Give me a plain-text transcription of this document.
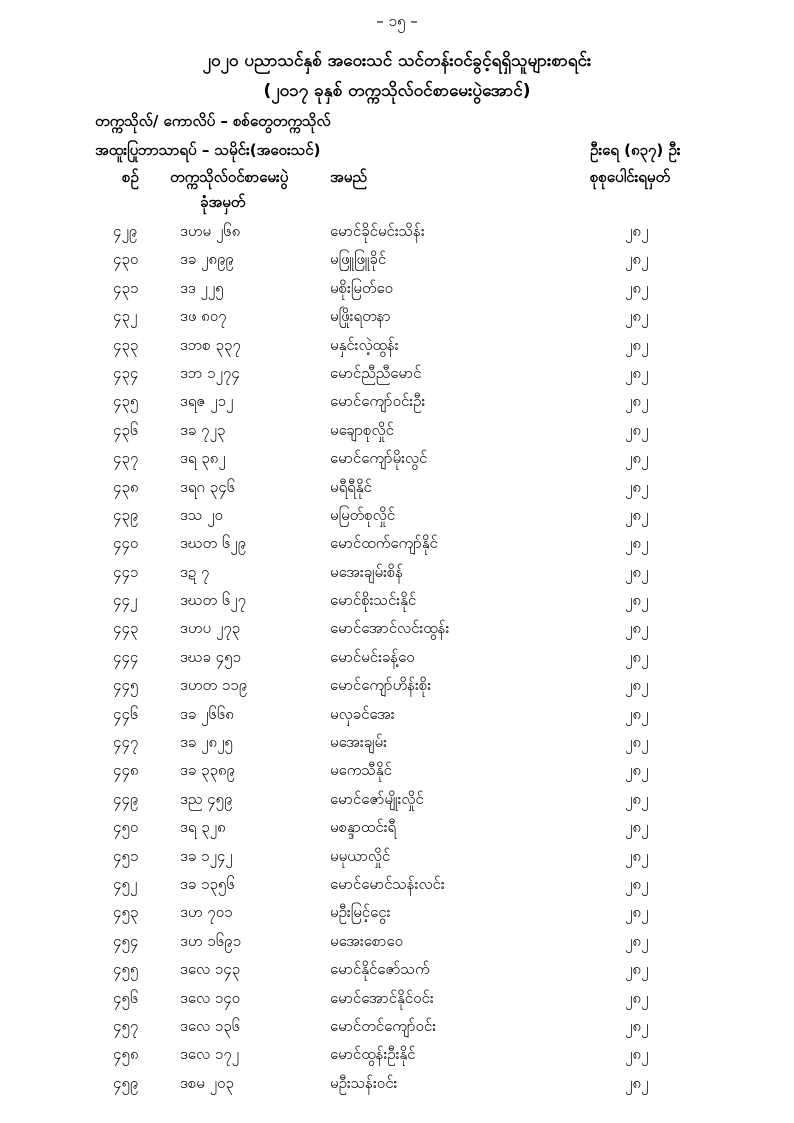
– ၁၅ –
၂၀၂၀ ပညာသင်နှစ် အဝေးသင် သင်တန်းဝင်ခွင့်ရရှိသူများစာရင်း
(၂၀၁၇ ခုနှစ် တက္ကသိုလ်ဝင်စာမေးပွဲအောင်)
တက္ကသိုလ်/ ကောလိပ် – စစ်တွေတက္ကသိုလ်
အထူးပြုဘာသာရပ် – သမိုင်း(အဝေးသင်)	ဦးရေ (၈၃၇) ဦး
စဉ် တက္ကသိုလ်ဝင်စာမေးပွဲ
ခုံအမှတ်
အမည်	စုစုပေါင်းရမှတ်
၄၂၉	ဒဟမ ၂၆၈	မောင်ခိုင်မင်းသိန်း	၂၈၂
၄၃၀	ဒခ ၂၈၉၉	မဖြူဖြူခိုင်	၂၈၂
၄၃၁	ဒဒ ၂၂၅	မစိုးမြတ်ဝေ	၂၈၂
၄၃၂	ဒဖ ၈၀၇	မဖြိုးရတနာ	၂၈၂
၄၃၃	ဒဘစ ၃၃၇	မနှင်းလဲ့ထွန်း	၂၈၂
၄၃၄	ဒဘ ၁၂၇၄	မောင်ညီညီမောင်	၂၈၂
၄၃၅	ဒရဇ ၂၁၂	မောင်ကျော်ဝင်းဦး	၂၈၂
၄၃၆	ဒခ ၇၂၃	မချောစုလှိုင်	၂၈၂
၄၃၇	ဒရ ၃၈၂	မောင်ကျော်မိုးလွင်	၂၈၂
၄၃၈	ဒရဂ ၃၄၆	မရီရီနိုင်	၂၈၂
၄၃၉	ဒသ ၂၀	မမြတ်စုလှိုင်	၂၈၂
၄၄၀	ဒဃတ ၆၂၉	မောင်ထက်ကျော်နိုင်	၂၈၂
၄၄၁	ဒဍ ၇	မအေးချမ်းစိန်	၂၈၂
၄၄၂	ဒဃတ ၆၂၇	မောင်စိုးသင်းနိုင်	၂၈၂
၄၄၃	ဒဟပ ၂၇၃	မောင်အောင်လင်းထွန်း	၂၈၂
၄၄၄	ဒဃခ ၄၅၁	မောင်မင်းခန့်ဝေ	၂၈၂
၄၄၅	ဒဟတ ၁၁၉	မောင်ကျော်ဟိန်းစိုး	၂၈၂
၄၄၆	ဒခ ၂၆၆၈	မလှခင်အေး	၂၈၂
၄၄၇	ဒခ ၂၈၂၅	မအေးချမ်း	၂၈၂
၄၄၈	ဒခ ၃၃၈၉	မကေသီနိုင်	၂၈၂
၄၄၉	ဒည ၄၅၉	မောင်ဇော်မျိုးလှိုင်	၂၈၂
၄၅၀	ဒရ ၃၂၈	မစန္ဒာထင်းရီ	၂၈၂
၄၅၁	ဒခ ၁၂၄၂	မမုယာလှိုင်	၂၈၂
၄၅၂	ဒခ ၁၃၅၆	မောင်မောင်သန်းလင်း	၂၈၂
၄၅၃	ဒဟ ၇၀၁	မဦးမြင့်ငွေး	၂၈၂
၄၅၄	ဒဟ ၁၆၉၁	မအေးစောဝေ	၂၈၂
၄၅၅	ဒလေ ၁၄၃	မောင်နိုင်ဇော်သက်	၂၈၂
၄၅၆	ဒလေ ၁၄၀	မောင်အောင်နိုင်ဝင်း	၂၈၂
၄၅၇	ဒလေ ၁၃၆	မောင်တင်ကျော်ဝင်း	၂၈၂
၄၅၈	ဒလေ ၁၇၂	မောင်ထွန်းဦးနိုင်	၂၈၂
၄၅၉	ဒစမ ၂၀၃	မဦးသန်းဝင်း	၂၈၂
